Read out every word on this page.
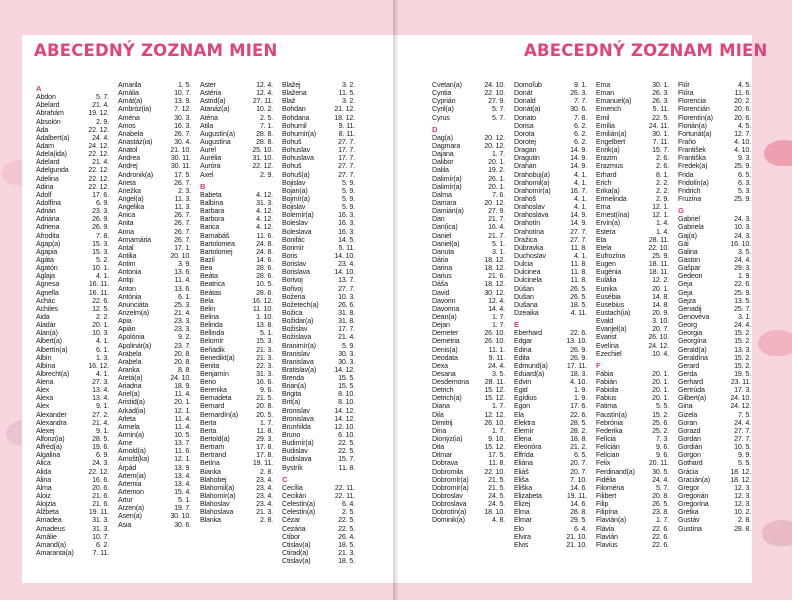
ABECEDNÝ ZOZNAM MIEN
A
Abdon	5. 7.
Abelard	21. 4.
Abrahám	19. 12.
Absolón	2. 9.
Ada	22. 12.
Adalbert(a)	24. 4.
Adam	24. 12.
Adela(ida)	22. 12.
Adelard	21. 4.
Adelgunda	22. 12.
Adelina	22. 12.
Adina	22. 12.
Adolf	17. 6.
Adolfína	6. 9.
Adrián	23. 3.
Adriána	26. 9.
Adriena	26. 9.
Afrodita	7. 8.
Agap(a)	15. 3.
Agapia	15. 3.
Agáta	5. 2.
Agatón	10. 1.
Aglaja	4. 1.
Agnesa	16. 11.
Agnella	16. 11.
Achác	22. 6.
Achiles	12. 5.
Aida	2. 2.
Aladár	20. 1.
Alan(a)	10. 3.
Albert(a)	4. 1.
Albertín(a)	6. 1.
Albín	1. 3.
Albína	16. 12.
Albrecht(a)	4. 1.
Alena	27. 3.
Alex	13. 4.
Alexa	13. 4.
Alex	9. 1.
Alexander	27. 2.
Alexandra	21. 4.
Alexej	9. 1.
Alfonz(ia)	28. 5.
Alfréd(a)	19. 6.
Algalina	6. 9.
Alica	24. 3.
Alida	22. 12.
Alina	16. 6.
Alma	20. 6.
Aloiz	21. 6.
Alojzia	21. 6.
Alžbeta	19. 11.
Amadea	31. 3.
Amadeus	31. 3.
Amálie	10. 7.
Amand(a)	6. 2.
Amaranta(a)	7. 11.
Amarila	1. 5.
Amália	10. 7.
Amát(a)	13. 9.
Ambróz(ia)	7. 12.
Aména	30. 3.
Amos	16. 3.
Anabela	26. 7.
Anastáz(ia)	30. 4.
Anatol	21. 10.
Andrea	30. 11.
Andrej	30. 11.
Andronik(a)	17. 5.
Aneta	26. 7.
Anežka	2. 3.
Angel(a)	11. 3.
Angelika	11. 3.
Anica	26. 7.
Anita	26. 7.
Anna	26. 7.
Annamária	26. 7.
Antal	17. 1.
Antilia	20. 10.
Antim	3. 9.
Antonia	13. 6.
Antip	11. 4.
Anton	13. 6.
Antónia	6. 1.
Anunciáta	25. 3.
Anzelm(a)	21. 4.
Apia	23. 3.
Apián	23. 3.
Apolónia	9. 2.
Apolinár(a)	23. 7.
Arabela	20. 8.
Arabela	20. 8.
Aranka	8. 8.
Aretá(a)	24. 10.
Ariadna	18. 9.
Ariel(a)	11. 4.
Aristid(a)	20. 1.
Arkád(ia)	12. 1.
Arleta	11. 4.
Armela	11. 4.
Armin(a)	10. 5.
Arne	13. 7.
Arnold(a)	11. 6.
Arnošt(ka)	12. 1.
Árpád	13. 9.
Artem(ia)	13. 4.
Artemia	13. 4.
Artemon	15. 4.
Artur	5. 1.
Arzen(a)	19. 7.
Asen(a)	30. 10.
Asia	30. 6.
Aster	12. 4.
Astéria	12. 4.
Astrid(a)	27. 11.
Atanáz(a)	10. 2.
Aténa	2. 5.
Atila	7. 1.
Augustín(a)	28. 8.
Augustína	28. 8.
Aurel	25. 10.
Aurélia	31. 10.
Auróra	22. 12.
Axel	2. 9.
B
Babeta	4. 12.
Balbína	31. 3.
Barbara	4. 12.
Barbora	4. 12.
Barica	4. 12.
Barnabáš	11. 6.
Bartolomea	24. 8.
Bartolomej	24. 8.
Bazil	14. 6.
Bea	28. 6.
Beáta	28. 6.
Beatrica	10. 5.
Beátas	28. 6.
Bela	16. 12.
Belin	11. 10.
Belina	1. 10.
Belinda	13. 8.
Bellinda	5. 1.
Belomír	15. 3.
Beňadik	21. 3.
Benedikt(a)	21. 3.
Benita	22. 3.
Benjamín	31. 3.
Beno	16. 6.
Berenika	9. 6.
Bernadeta	21. 5.
Bernard	20. 8.
Bernardín(a)	20. 5.
Berta	1. 7.
Berta	11. 8.
Bertold(a)	29. 3.
Bertram	17. 8.
Bertrand	17. 8.
Betína	19. 11.
Bianka	2. 8.
Blahobej	23. 4.
Blahomil(a)	23. 4.
Blahomír(a)	23. 4.
Blahoslav	23. 4.
Blahoslava	21. 3.
Blanka	2. 8.
Blažej	3. 2.
Blažena	11. 5.
Blaž	3. 2.
Bohdan	21. 12.
Bohdana	18. 12.
Bohumil	9. 11.
Bohumír(a)	8. 11.
Bohuš	27. 7.
Bohuslav	17. 7.
Bohuslava	17. 7.
Bohuš	27. 7.
Bohuš(a)	27. 7.
Bojislav	5. 9.
Bojan(a)	5. 9.
Bojmír(a)	5. 9.
Bojislav	5. 9.
Bolemír(a)	16. 3.
Boleslav	16. 3.
Boleslava	16. 3.
Bonifác	14. 5.
Borimír	5. 11.
Boris	14. 10.
Borislav	23. 4.
Borislava	14. 10.
Borivoj	13. 7.
Bořivoj	27. 7.
Božena	10. 3.
Božetech(a)	26. 6.
Božica	31. 8.
Božidar(a)	31. 8.
Božislav	17. 7.
Božislava	21. 4.
Branimír(a)	5. 9.
Branislav	30. 3.
Branislava	30. 3.
Bratislav(a)	14. 12.
Brenda	15. 5.
Brian(a)	15. 5.
Brigita	8. 10.
Brit(a)	8. 10.
Bronislav	14. 12.
Bronislava	14. 12.
Brunhilda	12. 10.
Bruno	6. 10.
Budimír(a)	22. 5.
Budislav	22. 5.
Budislava	15. 7.
Bystrík	11. 8.
C
Cecília	22. 11.
Cecilián	22. 11.
Celestín(a)	6. 4.
Celestín(a)	2. 5.
Cézar	22. 5.
Cezária	22. 5.
Ctibor	26. 4.
Ctislav(a)	18. 5.
Ctirad(a)	21. 3.
Ctislav(a)	18. 5.
ABECEDNÝ ZOZNAM MIEN
Cvetan(a)	24. 10.
Cyntia	22. 10.
Cyprián	27. 9.
Cyril(a)	5. 7.
Cyrus	5. 7.
D
Dag(a)	20. 12.
Dagmara	20. 12.
Dajana	1. 7.
Dalibor	20. 1.
Dalila	19. 2.
Dalimír(a)	26. 1.
Dalimír(a)	20. 1.
Dalma	7. 6.
Damara	20. 12.
Damián(a)	27. 9.
Dan	21. 7.
Dan(ica)	16. 4.
Daniel	21. 7.
Daniel(a)	5. 1.
Danuta	3. 1.
Dária	18. 12.
Darina	18. 12.
Darius	21. 6.
Dáša	18. 12.
David	30. 12.
Davorin	12. 4.
Davorina	14. 4.
Dean(a)	1. 7.
Dejan	1. 7.
Demeter	26. 10.
Demetria	26. 10.
Denis(a)	11. 1.
Deodata	9. 11.
Dexa	24. 4.
Desana	3. 5.
Desdemona 28. 11.
Detrich	15. 12.
Detrich(a)	15. 12.
Diana	1. 7.
Dila	12. 12.
Dimitrij	26. 10.
Dina	1. 7.
Dionýz(ia)	9. 10.
Dita	15. 12.
Ditmar	17. 5.
Dobrava	11. 8.
Dobromila	22. 10.
Dobromír(a)	21. 5.
Dobromír(a)	21. 5.
Dobroslav	24. 5.
Dobroslava	24. 5.
Dobrotín(a)	18. 10.
Dominik(a)	4. 8.
Domoľub	9. 1.
Donát	26. 3.
Donald	7. 7.
Donát(a)	30. 6.
Donato	7. 8.
Dorisa	6. 2.
Dorota	6. 2.
Dorotej	6. 2.
Dragan	14. 9.
Dragutin	14. 9.
Drahan	14. 9.
Drahobuj(a)	4. 1.
Drahomil(a)	4. 1.
Drahomír(a)	16. 7.
Drahoš	4. 1.
Drahoslav	4. 1.
Drahoslava	14. 9.
Drahotín	14. 9.
Drahotína	27. 7.
Dražica	27. 7.
Dúbravka	11. 8.
Duchoslav	4. 1.
Dulcia	11. 8.
Dulcinea	11. 8.
Dulcinela	11. 8.
Dúšan	26. 5.
Dušan	26. 5.
Dušana	18. 5.
Dzeaika	4. 11.
E
Eberhard	22. 6.
Edgar	13. 10.
Edina	26. 9.
Edita	26. 9.
Edmund(a)	17. 11.
Eduard(a)	18. 3.
Edvin	4. 10.
Egid	1. 9.
Egídius	1. 9.
Egon	17. 6.
Ela	22. 6.
Elektra	28. 5.
Elemír	28. 2.
Elena	18. 8.
Eleonóra	21. 2.
Elfrída	6. 5.
Eliána	20. 7.
Eliáš	20. 7.
Eliša	7. 10.
Eliška	14. 6.
Elizabeta	19. 11.
Elizej	14. 6.
Elma	28. 8.
Elmar	29. 5.
Elo	6. 4.
Elvira	21. 10.
Elvis	21. 10.
Ema	30. 1.
Eman	26. 3.
Emanuel(a)	26. 3.
Emerich	5. 11.
Emil	22. 5.
Emília	24. 11.
Emilián(a)	30. 1.
Engelbert	7. 11.
Enrik(a)	15. 7.
Erazim	2. 6.
Erazmus	2. 6.
Erhard	8. 1.
Erich	2. 2.
Erika(a)	2. 2.
Ermelinda	2. 9.
Erna	12. 1.
Ernest(ína)	12. 1.
Ervín(a)	1. 4.
Estera	1. 4.
Eta	28. 11.
Etela	22. 10.
Eufrozína	25. 9.
Eugen	18. 11.
Eugénia	18. 11.
Eulália	12. 2.
Eunika	20. 1.
Eusébia	14. 8.
Eusebius	14. 8.
Eustach(ia)	20. 9.
Evald	3. 10.
Evanjel(a)	20. 7.
Evarist	26. 10.
Evelína	24. 12.
Ezechiel	10. 4.
F
Fábia	20. 1.
Fabián	20. 1.
Fabiola	20. 1.
Fabius	20. 1.
Fatima	5. 5.
Faustín(a)	15. 2.
Febrónia	25. 6.
Federika	25. 2.
Felícia	7. 3.
Felícián	9. 6.
Felician	9. 6.
Felix	20. 11.
Ferdinand(a) 30. 5.
Fidélia	24. 4.
Filoména	5. 7.
Filibert	20. 8.
Filip	26. 5.
Filipína	23. 8.
Flavián(a)	1. 7.
Flávia	22. 6.
Flavián	22. 6.
Flavius	22. 6.
Flór	4. 5.
Flóra	11. 6.
Florencia	20. 2.
Florencián	20. 6.
Florentín(a)	20. 6.
Florián(a)	4. 5.
Fortunát(a)	12. 7.
Fraňo	4. 10.
František	4. 10.
Františka	9. 3.
Fredek(a)	25. 9.
Frida	6. 5.
Fridolín(a)	6. 3.
Fridrich	5. 3.
Fruzína	25. 9.
G
Gabriel	24. 3.
Gabriela	10. 3.
Gaj(a)	24. 3.
Gál	16. 10.
Galina	3. 5.
Gaston	24. 4.
Gašpar	29. 3.
Gedeon	1. 9.
Geja	22. 6.
Geja	25. 9.
Gejza	13. 5.
Genadij	25. 7.
Genovéva	3. 1.
Georg	24. 4.
Georgia	15. 2.
Georgína	15. 2.
Gerald(a)	13. 3.
Geraldína	15. 2.
Gerard	15. 2.
Gerda	19. 5.
Gerhard	23. 11.
Gertrúda	17. 3.
Gilbert(a)	24. 10.
Gina	24. 12.
Gizela	7. 5.
Goran	24. 4.
Gorazd	27. 7.
Gordan	27. 7.
Gordián	10. 5.
Gorgon	9. 9.
Gothard	5. 5.
Grácia	18. 12.
Gracián(a)	18. 12.
Gregor	12. 3.
Gregorián	12. 3.
Gregorína	12. 3.
Grétka	10. 2.
Gustáv	2. 8.
Gustína	28. 8.
